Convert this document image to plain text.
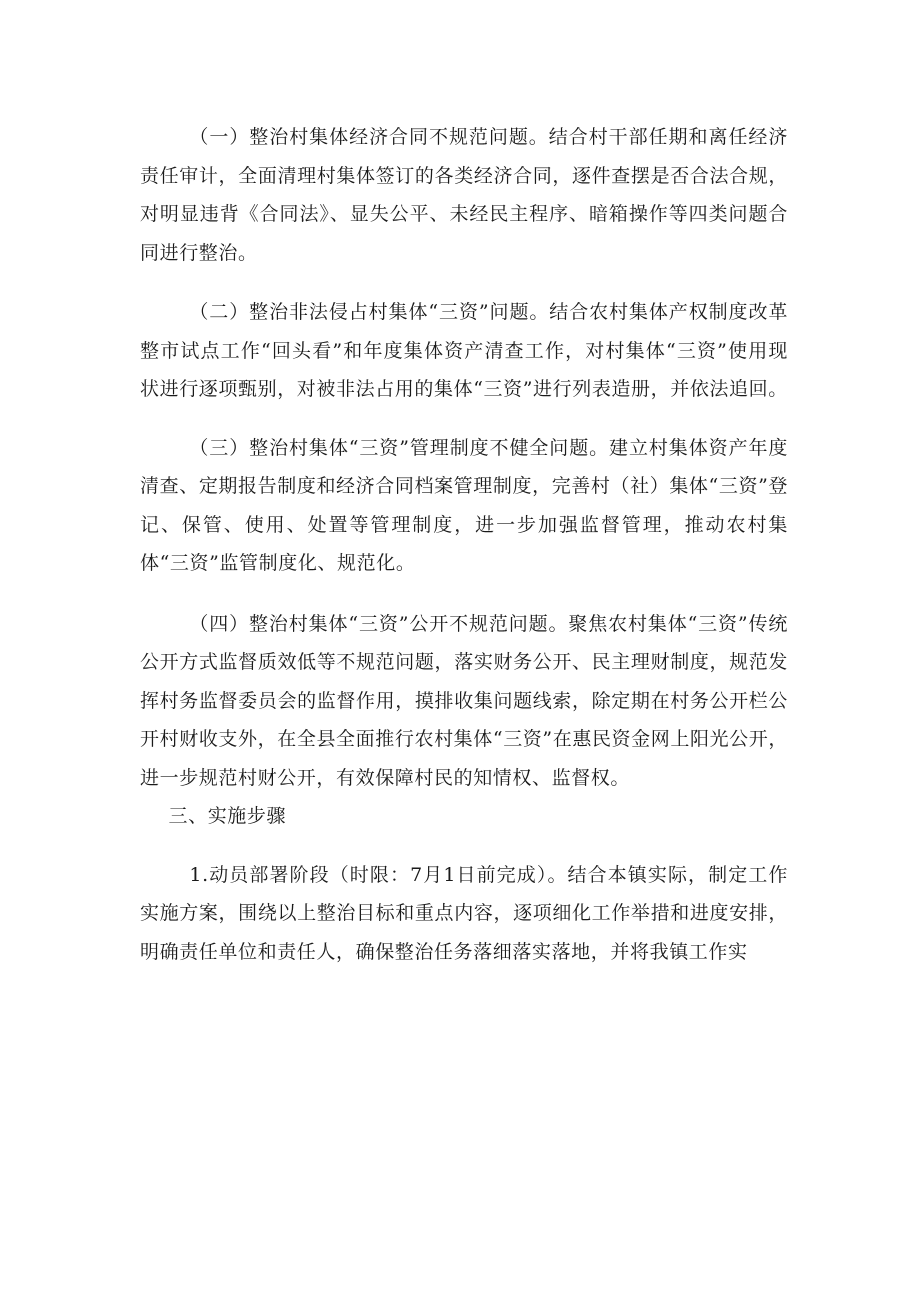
（一）整治村集体经济合同不规范问题。结合村干部任期和离任经济责任审计，全面清理村集体签订的各类经济合同，逐件查摆是否合法合规，对明显违背《合同法》、显失公平、未经民主程序、暗箱操作等四类问题合同进行整治。

（二）整治非法侵占村集体“三资”问题。结合农村集体产权制度改革整市试点工作“回头看”和年度集体资产清查工作，对村集体“三资”使用现状进行逐项甄别，对被非法占用的集体“三资”进行列表造册，并依法追回。

（三）整治村集体“三资”管理制度不健全问题。建立村集体资产年度清查、定期报告制度和经济合同档案管理制度，完善村（社）集体“三资”登记、保管、使用、处置等管理制度，进一步加强监督管理，推动农村集体“三资”监管制度化、规范化。

（四）整治村集体“三资”公开不规范问题。聚焦农村集体“三资”传统公开方式监督质效低等不规范问题，落实财务公开、民主理财制度，规范发挥村务监督委员会的监督作用，摸排收集问题线索，除定期在村务公开栏公开村财收支外，在全县全面推行农村集体“三资”在惠民资金网上阳光公开，进一步规范村财公开，有效保障村民的知情权、监督权。

三、实施步骤

1.动员部署阶段（时限：7月1日前完成）。结合本镇实际，制定工作实施方案，围绕以上整治目标和重点内容，逐项细化工作举措和进度安排，明确责任单位和责任人，确保整治任务落细落实落地，并将我镇工作实
